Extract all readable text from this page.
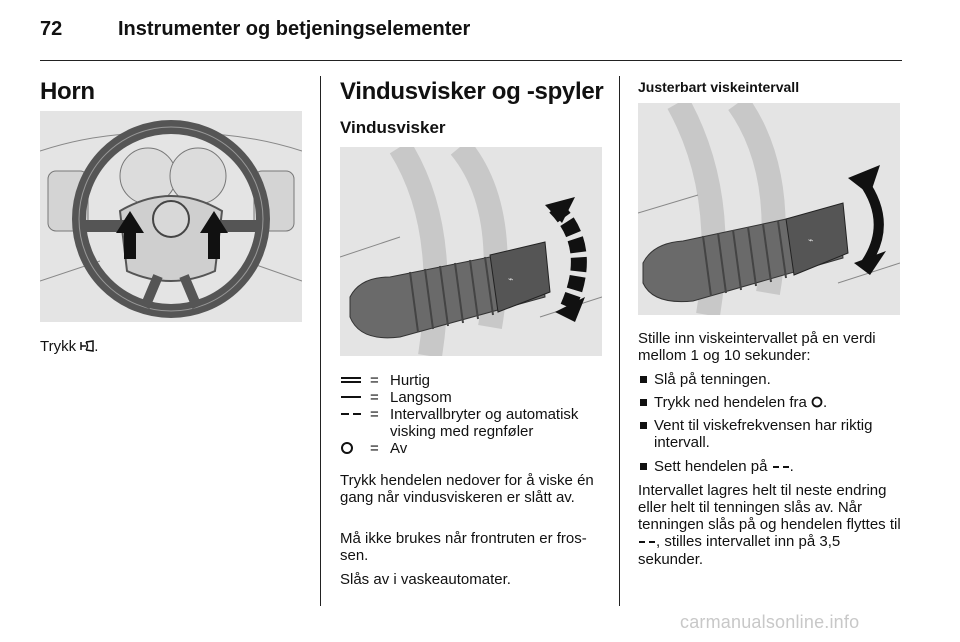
72	Instrumenter og betjeningselementer
Horn
Trykk .
Vindusvisker og -spyler
Vindusvisker
⌁
= Hurtig
= Langsom
= Intervallbryter og automatisk visking med regnføler
= Av
Trykk hendelen nedover for å viske én gang når vindusviskeren er slått av.
Må ikke brukes når frontruten er fros-sen.
Slås av i vaskeautomater.
Justerbart viskeintervall
⌁
Stille inn viskeintervallet på en verdi mellom 1 og 10 sekunder:
Slå på tenningen.
Trykk ned hendelen fra .
Vent til viskefrekvensen har riktig intervall.
Sett hendelen på .
Intervallet lagres helt til neste endring eller helt til tenningen slås av. Når tenningen slås på og hendelen flyttes til , stilles intervallet inn på 3,5 sekunder.
carmanualsonline.info
